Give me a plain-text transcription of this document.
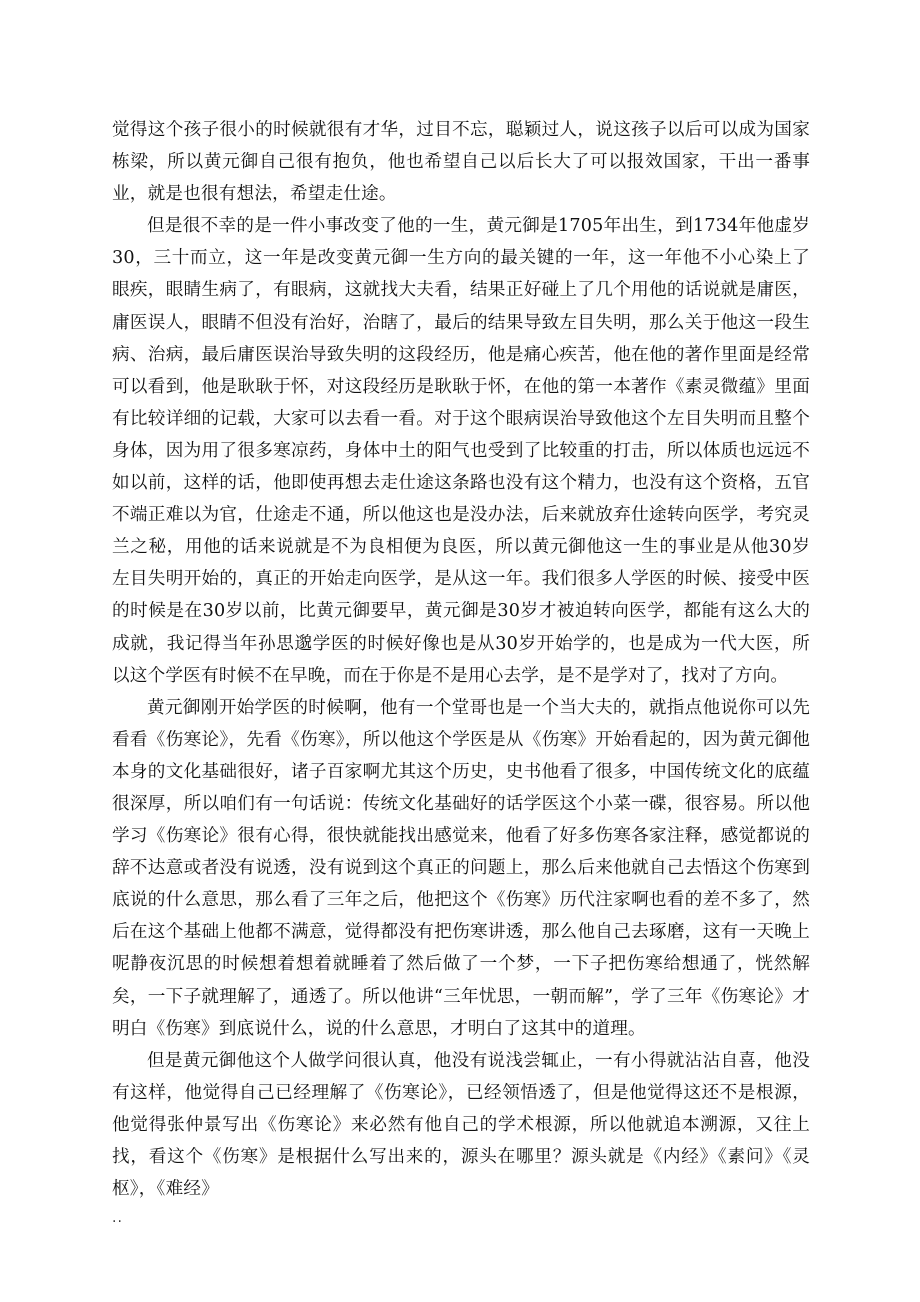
觉得这个孩子很小的时候就很有才华，过目不忘，聪颖过人，说这孩子以后可以成为国家栋梁，所以黄元御自己很有抱负，他也希望自己以后长大了可以报效国家，干出一番事业，就是也很有想法，希望走仕途。

但是很不幸的是一件小事改变了他的一生，黄元御是1705年出生，到1734年他虚岁30，三十而立，这一年是改变黄元御一生方向的最关键的一年，这一年他不小心染上了眼疾，眼睛生病了，有眼病，这就找大夫看，结果正好碰上了几个用他的话说就是庸医，庸医误人，眼睛不但没有治好，治瞎了，最后的结果导致左目失明，那么关于他这一段生病、治病，最后庸医误治导致失明的这段经历，他是痛心疾苦，他在他的著作里面是经常可以看到，他是耿耿于怀，对这段经历是耿耿于怀，在他的第一本著作《素灵微蕴》里面有比较详细的记载，大家可以去看一看。对于这个眼病误治导致他这个左目失明而且整个身体，因为用了很多寒凉药，身体中土的阳气也受到了比较重的打击，所以体质也远远不如以前，这样的话，他即使再想去走仕途这条路也没有这个精力，也没有这个资格，五官不端正难以为官，仕途走不通，所以他这也是没办法，后来就放弃仕途转向医学，考究灵兰之秘，用他的话来说就是不为良相便为良医，所以黄元御他这一生的事业是从他30岁左目失明开始的，真正的开始走向医学，是从这一年。我们很多人学医的时候、接受中医的时候是在30岁以前，比黄元御要早，黄元御是30岁才被迫转向医学，都能有这么大的成就，我记得当年孙思邈学医的时候好像也是从30岁开始学的，也是成为一代大医，所以这个学医有时候不在早晚，而在于你是不是用心去学，是不是学对了，找对了方向。

黄元御刚开始学医的时候啊，他有一个堂哥也是一个当大夫的，就指点他说你可以先看看《伤寒论》，先看《伤寒》，所以他这个学医是从《伤寒》开始看起的，因为黄元御他本身的文化基础很好，诸子百家啊尤其这个历史，史书他看了很多，中国传统文化的底蕴很深厚，所以咱们有一句话说：传统文化基础好的话学医这个小菜一碟，很容易。所以他学习《伤寒论》很有心得，很快就能找出感觉来，他看了好多伤寒各家注释，感觉都说的辞不达意或者没有说透，没有说到这个真正的问题上，那么后来他就自己去悟这个伤寒到底说的什么意思，那么看了三年之后，他把这个《伤寒》历代注家啊也看的差不多了，然后在这个基础上他都不满意，觉得都没有把伤寒讲透，那么他自己去琢磨，这有一天晚上呢静夜沉思的时候想着想着就睡着了然后做了一个梦，一下子把伤寒给想通了，恍然解矣，一下子就理解了，通透了。所以他讲“三年忧思，一朝而解”，学了三年《伤寒论》才明白《伤寒》到底说什么，说的什么意思，才明白了这其中的道理。

但是黄元御他这个人做学问很认真，他没有说浅尝辄止，一有小得就沾沾自喜，他没有这样，他觉得自己已经理解了《伤寒论》，已经领悟透了，但是他觉得这还不是根源，他觉得张仲景写出《伤寒论》来必然有他自己的学术根源，所以他就追本溯源，又往上找，看这个《伤寒》是根据什么写出来的，源头在哪里？源头就是《内经》《素问》《灵枢》，《难经》

..
